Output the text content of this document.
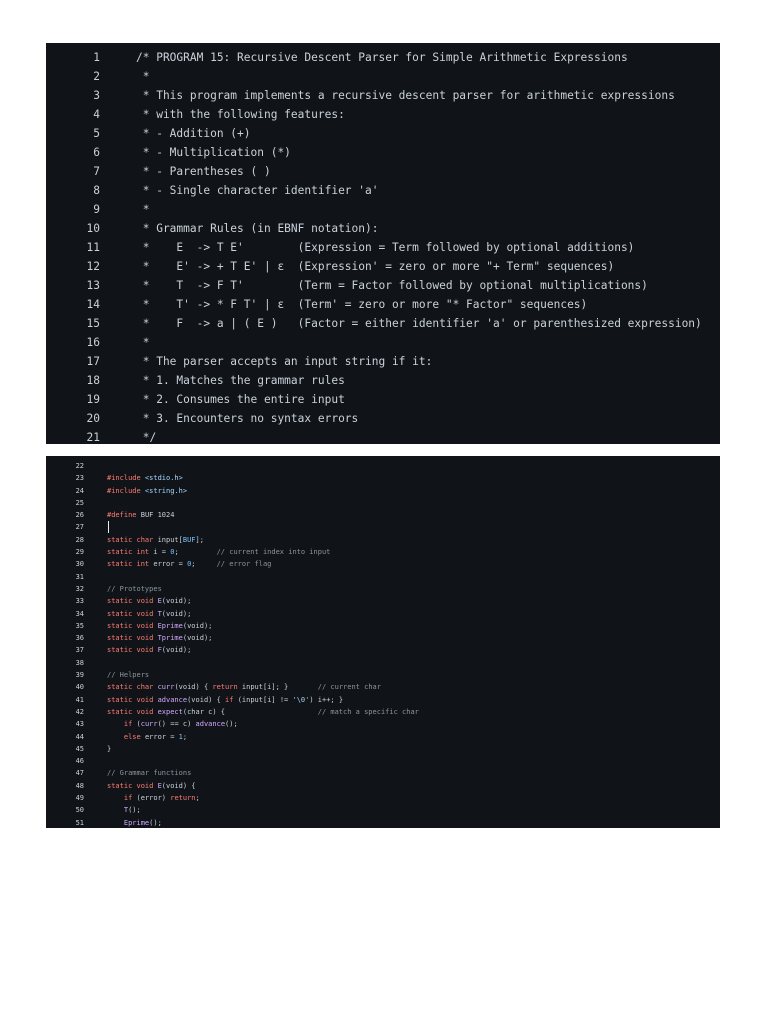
1	/* PROGRAM 15: Recursive Descent Parser for Simple Arithmetic Expressions
2	*
3	* This program implements a recursive descent parser for arithmetic expressions
4	* with the following features:
5	* - Addition (+)
6	* - Multiplication (*)
7	* - Parentheses ( )
8	* - Single character identifier 'a'
9	*
10	* Grammar Rules (in EBNF notation):
11	*    E  -> T E'        (Expression = Term followed by optional additions)
12	*    E' -> + T E' | ε  (Expression' = zero or more "+ Term" sequences)
13	*    T  -> F T'        (Term = Factor followed by optional multiplications)
14	*    T' -> * F T' | ε  (Term' = zero or more "* Factor" sequences)
15	*    F  -> a | ( E )   (Factor = either identifier 'a' or parenthesized expression)
16	*
17	* The parser accepts an input string if it:
18	* 1. Matches the grammar rules
19	* 2. Consumes the entire input
20	* 3. Encounters no syntax errors
21	*/
22
23	#include <stdio.h>
24	#include <string.h>
25
26	#define BUF 1024
27
28	static char input[BUF];
29	static int i = 0;         // current index into input
30	static int error = 0;     // error flag
31
32	// Prototypes
33	static void E(void);
34	static void T(void);
35	static void Eprime(void);
36	static void Tprime(void);
37	static void F(void);
38
39	// Helpers
40	static char curr(void) { return input[i]; }       // current char
41	static void advance(void) { if (input[i] != '\0') i++; }
42	static void expect(char c) {                      // match a specific char
43	if (curr() == c) advance();
44	else error = 1;
45	}
46
47	// Grammar functions
48	static void E(void) {
49	if (error) return;
50	T();
51	Eprime();
